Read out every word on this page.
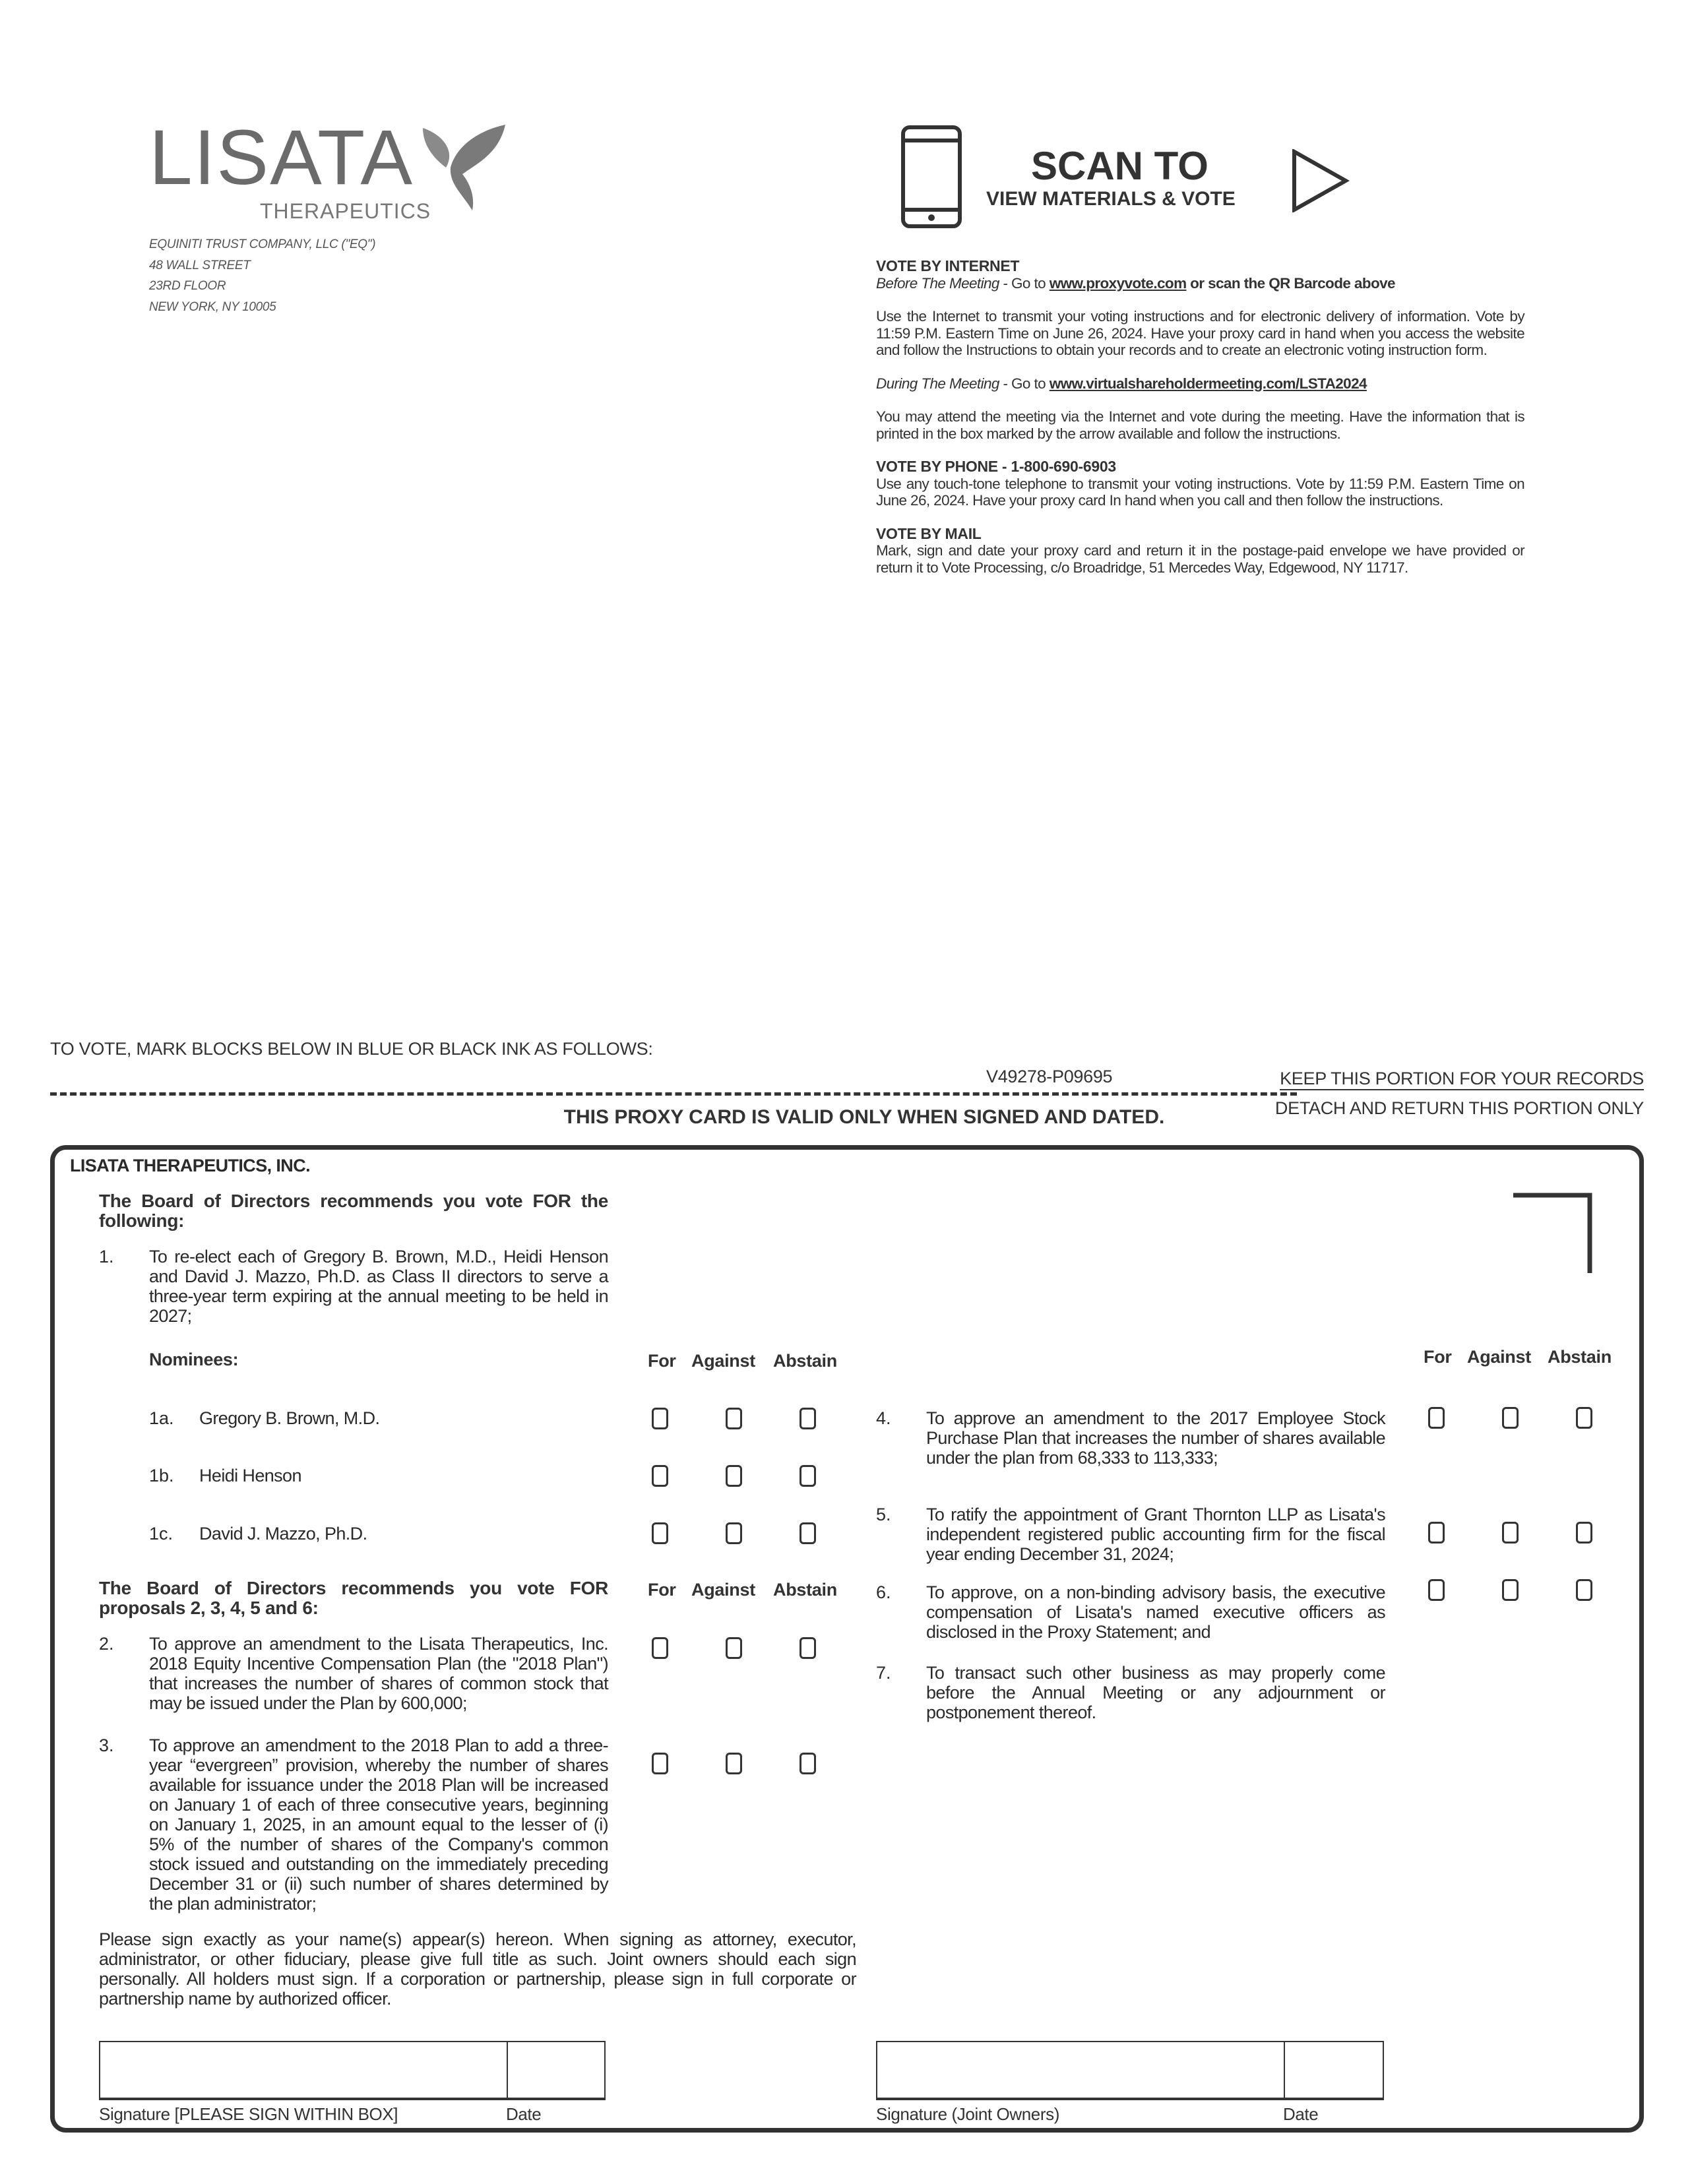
LISATA
THERAPEUTICS
EQUINITI TRUST COMPANY, LLC ("EQ")
48 WALL STREET
23RD FLOOR
NEW YORK, NY 10005
SCAN TO
VIEW MATERIALS & VOTE
VOTE BY INTERNET

Before The Meeting - Go to www.proxyvote.com or scan the QR Barcode above

Use the Internet to transmit your voting instructions and for electronic delivery of information. Vote by 11:59 P.M. Eastern Time on June 26, 2024. Have your proxy card in hand when you access the website and follow the Instructions to obtain your records and to create an electronic voting instruction form.

During The Meeting - Go to www.virtualshareholdermeeting.com/LSTA2024

You may attend the meeting via the Internet and vote during the meeting. Have the information that is printed in the box marked by the arrow available and follow the instructions.

VOTE BY PHONE - 1-800-690-6903

Use any touch-tone telephone to transmit your voting instructions. Vote by 11:59 P.M. Eastern Time on June 26, 2024. Have your proxy card In hand when you call and then follow the instructions.

VOTE BY MAIL

Mark, sign and date your proxy card and return it in the postage-paid envelope we have provided or return it to Vote Processing, c/o Broadridge, 51 Mercedes Way, Edgewood, NY 11717.

TO VOTE, MARK BLOCKS BELOW IN BLUE OR BLACK INK AS FOLLOWS:
V49278-P09695	KEEP THIS PORTION FOR YOUR RECORDS
DETACH AND RETURN THIS PORTION ONLY
THIS PROXY CARD IS VALID ONLY WHEN SIGNED AND DATED.
LISATA THERAPEUTICS, INC.
The Board of Directors recommends you vote FOR the following:
1. To re-elect each of Gregory B. Brown, M.D., Heidi Henson and David J. Mazzo, Ph.D. as Class II directors to serve a three-year term expiring at the annual meeting to be held in 2027;
Nominees:	For Against Abstain	For Against Abstain
1a. Gregory B. Brown, M.D.
1b. Heidi Henson
1c. David J. Mazzo, Ph.D.
The Board of Directors recommends you vote FOR proposals 2, 3, 4, 5 and 6:
For Against Abstain
2. To approve an amendment to the Lisata Therapeutics, Inc. 2018 Equity Incentive Compensation Plan (the "2018 Plan") that increases the number of shares of common stock that may be issued under the Plan by 600,000;
3. To approve an amendment to the 2018 Plan to add a three-year “evergreen” provision, whereby the number of shares available for issuance under the 2018 Plan will be increased on January 1 of each of three consecutive years, beginning on January 1, 2025, in an amount equal to the lesser of (i) 5% of the number of shares of the Company's common stock issued and outstanding on the immediately preceding December 31 or (ii) such number of shares determined by the plan administrator;
4. To approve an amendment to the 2017 Employee Stock Purchase Plan that increases the number of shares available under the plan from 68,333 to 113,333;
5. To ratify the appointment of Grant Thornton LLP as Lisata's independent registered public accounting firm for the fiscal year ending December 31, 2024;
6. To approve, on a non-binding advisory basis, the executive compensation of Lisata's named executive officers as disclosed in the Proxy Statement; and
7. To transact such other business as may properly come before the Annual Meeting or any adjournment or postponement thereof.
Please sign exactly as your name(s) appear(s) hereon. When signing as attorney, executor, administrator, or other fiduciary, please give full title as such. Joint owners should each sign personally. All holders must sign. If a corporation or partnership, please sign in full corporate or partnership name by authorized officer.
Signature [PLEASE SIGN WITHIN BOX]	Date	Signature (Joint Owners)	Date
